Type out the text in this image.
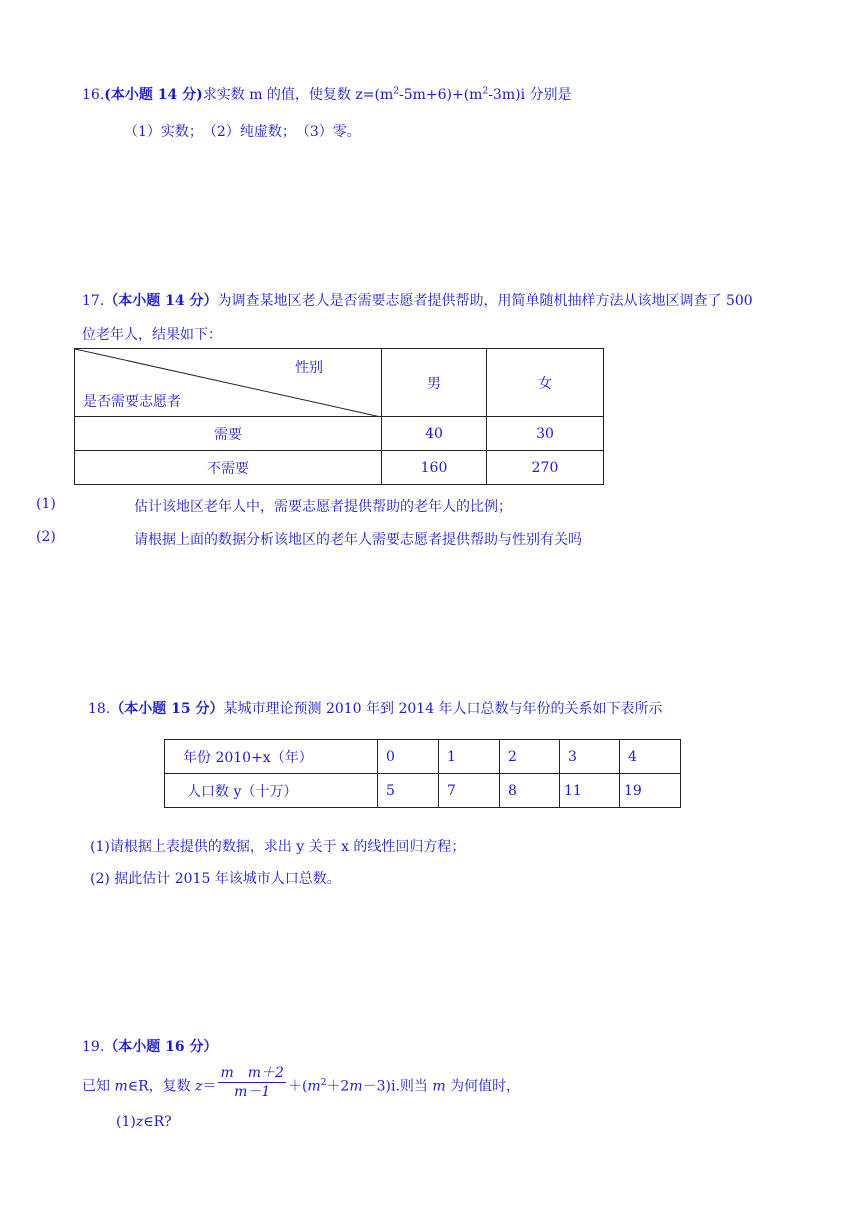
16.(本小题 14 分)求实数 m 的值，使复数 $z=(m^2-5m+6)+(m^2-3m)i$ 分别是
（1）实数；　（2）纯虚数；　（3）零。
17.（本小题 14 分）为调查某地区老人是否需要志愿者提供帮助，用简单随机抽样方法从该地区调查了 500
位老年人，结果如下：
性别
是否需要志愿者	男	女
需要	40	30
不需要	160	270
(1)	估计该地区老年人中，需要志愿者提供帮助的老年人的比例；
(2)	请根据上面的数据分析该地区的老年人需要志愿者提供帮助与性别有关吗
18.（本小题 15 分）某城市理论预测 2010 年到 2014 年人口总数与年份的关系如下表所示
年份 2010+x（年）	0	1	2	3	4
人口数 y（十万）	5	7	8	11	19
(1)请根据上表提供的数据，求出 y 关于 x 的线性回归方程；
(2) 据此估计 2015 年该城市人口总数。
19.（本小题 16 分）
已知 m∈R，复数 $z= \frac{\text{m　m＋2}}{m-1} +(m^2+2m-3)i$.则当 m 为何值时，
(1)z∈R?
